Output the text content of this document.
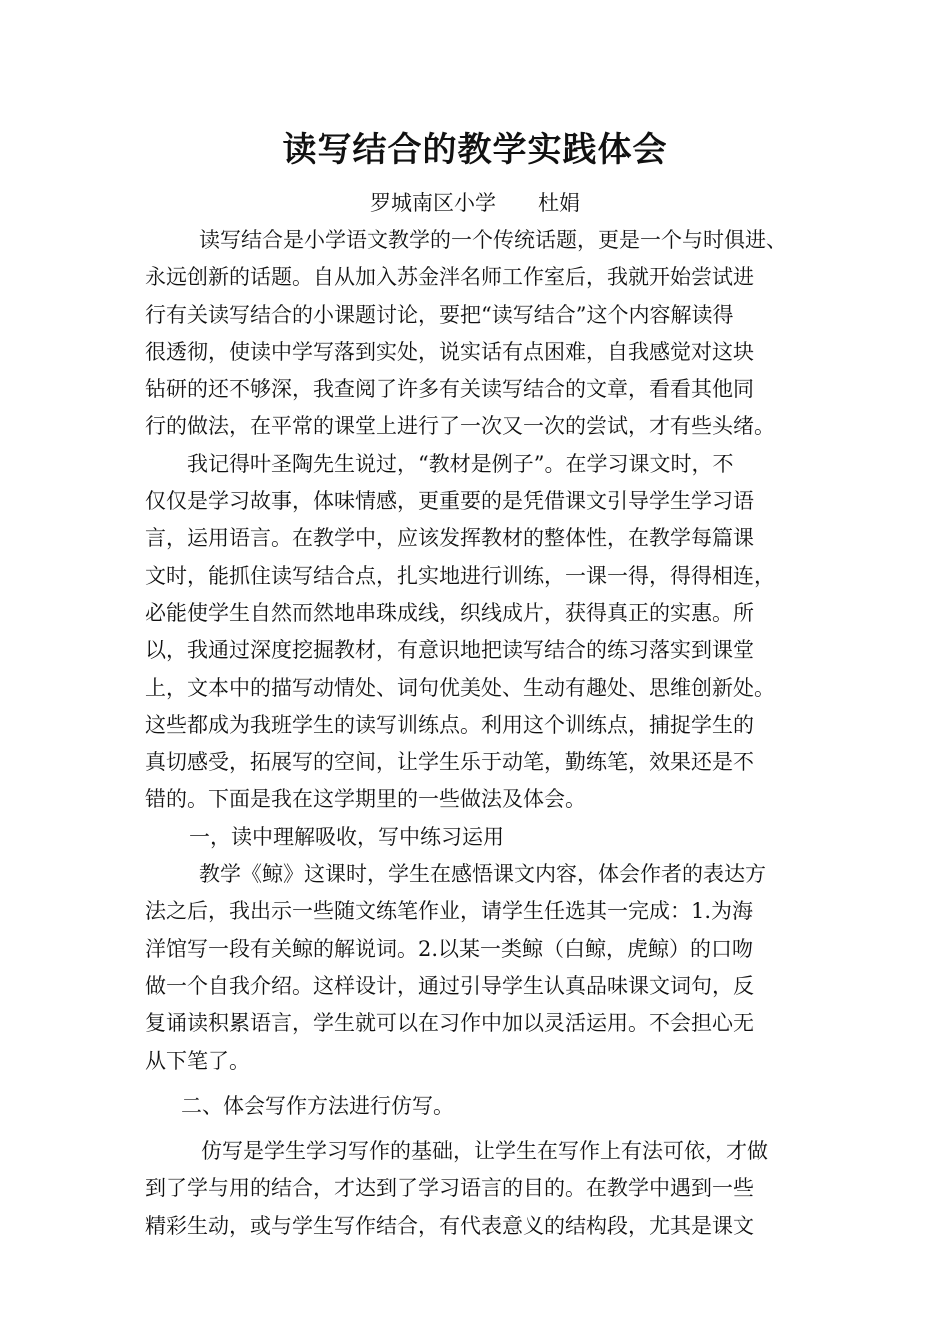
读写结合的教学实践体会
罗城南区小学　　杜娟
读写结合是小学语文教学的一个传统话题，更是一个与时俱进、
永远创新的话题。自从加入苏金泮名师工作室后，我就开始尝试进
行有关读写结合的小课题讨论，要把“读写结合”这个内容解读得
很透彻，使读中学写落到实处，说实话有点困难，自我感觉对这块
钻研的还不够深，我查阅了许多有关读写结合的文章，看看其他同
行的做法，在平常的课堂上进行了一次又一次的尝试，才有些头绪。
我记得叶圣陶先生说过，“教材是例子”。在学习课文时，不
仅仅是学习故事，体味情感，更重要的是凭借课文引导学生学习语
言，运用语言。在教学中，应该发挥教材的整体性，在教学每篇课
文时，能抓住读写结合点，扎实地进行训练，一课一得，得得相连，
必能使学生自然而然地串珠成线，织线成片，获得真正的实惠。所
以，我通过深度挖掘教材，有意识地把读写结合的练习落实到课堂
上，文本中的描写动情处、词句优美处、生动有趣处、思维创新处。
这些都成为我班学生的读写训练点。利用这个训练点，捕捉学生的
真切感受，拓展写的空间，让学生乐于动笔，勤练笔，效果还是不
错的。下面是我在这学期里的一些做法及体会。
一，读中理解吸收，写中练习运用
教学《鲸》这课时，学生在感悟课文内容，体会作者的表达方
法之后，我出示一些随文练笔作业，请学生任选其一完成：1.为海
洋馆写一段有关鲸的解说词。2.以某一类鲸（白鲸，虎鲸）的口吻
做一个自我介绍。这样设计，通过引导学生认真品味课文词句，反
复诵读积累语言，学生就可以在习作中加以灵活运用。不会担心无
从下笔了。
二、体会写作方法进行仿写。
仿写是学生学习写作的基础，让学生在写作上有法可依，才做
到了学与用的结合，才达到了学习语言的目的。在教学中遇到一些
精彩生动，或与学生写作结合，有代表意义的结构段，尤其是课文
